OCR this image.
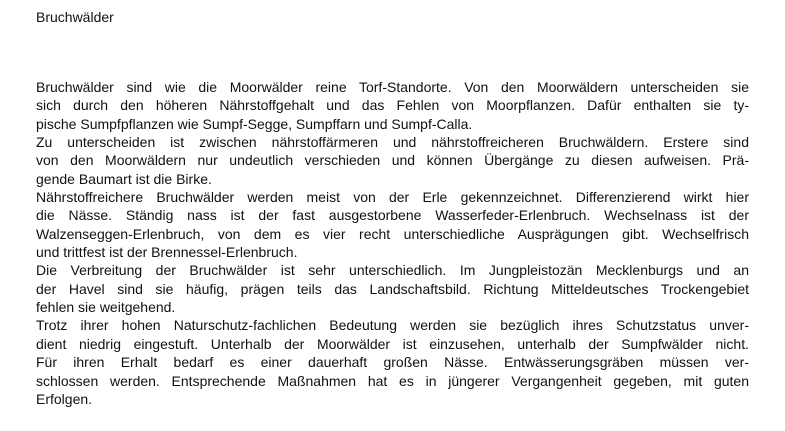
Bruchwälder
Bruchwälder sind wie die Moorwälder reine Torf-Standorte. Von den Moorwäldern unterscheiden sie
sich durch den höheren Nährstoffgehalt und das Fehlen von Moorpflanzen. Dafür enthalten sie ty-
pische Sumpfpflanzen wie Sumpf-Segge, Sumpffarn und Sumpf-Calla.
Zu unterscheiden ist zwischen nährstoffärmeren und nährstoffreicheren Bruchwäldern. Erstere sind
von den Moorwäldern nur undeutlich verschieden und können Übergänge zu diesen aufweisen. Prä-
gende Baumart ist die Birke.
Nährstoffreichere Bruchwälder werden meist von der Erle gekennzeichnet. Differenzierend wirkt hier
die Nässe. Ständig nass ist der fast ausgestorbene Wasserfeder-Erlenbruch. Wechselnass ist der
Walzenseggen-Erlenbruch, von dem es vier recht unterschiedliche Ausprägungen gibt. Wechselfrisch
und trittfest ist der Brennessel-Erlenbruch.
Die Verbreitung der Bruchwälder ist sehr unterschiedlich. Im Jungpleistozän Mecklenburgs und an
der Havel sind sie häufig, prägen teils das Landschaftsbild. Richtung Mitteldeutsches Trockengebiet
fehlen sie weitgehend.
Trotz ihrer hohen Naturschutz-fachlichen Bedeutung werden sie bezüglich ihres Schutzstatus unver-
dient niedrig eingestuft. Unterhalb der Moorwälder ist einzusehen, unterhalb der Sumpfwälder nicht.
Für ihren Erhalt bedarf es einer dauerhaft großen Nässe. Entwässerungsgräben müssen ver-
schlossen werden. Entsprechende Maßnahmen hat es in jüngerer Vergangenheit gegeben, mit guten
Erfolgen.
